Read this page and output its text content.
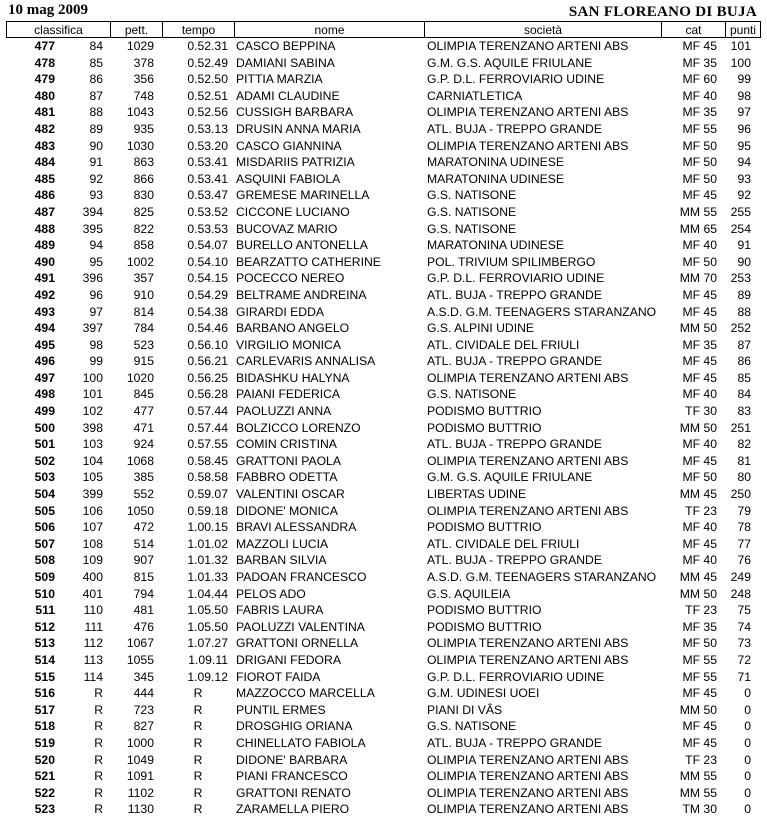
10 mag 2009	SAN FLOREANO DI BUJA
classifica		pett.	tempo	nome	società	cat	punti
477	84	1029	0.52.31	CASCO BEPPINA	OLIMPIA TERENZANO ARTENI ABS	MF 45	101
478	85	378	0.52.49	DAMIANI SABINA	G.M. G.S. AQUILE FRIULANE	MF 35	100
479	86	356	0.52.50	PITTIA MARZIA	G.P. D.L. FERROVIARIO UDINE	MF 60	99
480	87	748	0.52.51	ADAMI CLAUDINE	CARNIATLETICA	MF 40	98
481	88	1043	0.52.56	CUSSIGH BARBARA	OLIMPIA TERENZANO ARTENI ABS	MF 35	97
482	89	935	0.53.13	DRUSIN ANNA MARIA	ATL. BUJA - TREPPO GRANDE	MF 55	96
483	90	1030	0.53.20	CASCO GIANNINA	OLIMPIA TERENZANO ARTENI ABS	MF 50	95
484	91	863	0.53.41	MISDARIIS PATRIZIA	MARATONINA UDINESE	MF 50	94
485	92	866	0.53.41	ASQUINI FABIOLA	MARATONINA UDINESE	MF 50	93
486	93	830	0.53.47	GREMESE MARINELLA	G.S. NATISONE	MF 45	92
487	394	825	0.53.52	CICCONE LUCIANO	G.S. NATISONE	MM 55	255
488	395	822	0.53.53	BUCOVAZ MARIO	G.S. NATISONE	MM 65	254
489	94	858	0.54.07	BURELLO ANTONELLA	MARATONINA UDINESE	MF 40	91
490	95	1002	0.54.10	BEARZATTO CATHERINE	POL. TRIVIUM SPILIMBERGO	MF 50	90
491	396	357	0.54.15	POCECCO NEREO	G.P. D.L. FERROVIARIO UDINE	MM 70	253
492	96	910	0.54.29	BELTRAME ANDREINA	ATL. BUJA - TREPPO GRANDE	MF 45	89
493	97	814	0.54.38	GIRARDI EDDA	A.S.D. G.M. TEENAGERS STARANZANO	MF 45	88
494	397	784	0.54.46	BARBANO ANGELO	G.S. ALPINI UDINE	MM 50	252
495	98	523	0.56.10	VIRGILIO MONICA	ATL. CIVIDALE DEL FRIULI	MF 35	87
496	99	915	0.56.21	CARLEVARIS ANNALISA	ATL. BUJA - TREPPO GRANDE	MF 45	86
497	100	1020	0.56.25	BIDASHKU HALYNA	OLIMPIA TERENZANO ARTENI ABS	MF 45	85
498	101	845	0.56.28	PAIANI FEDERICA	G.S. NATISONE	MF 40	84
499	102	477	0.57.44	PAOLUZZI ANNA	PODISMO BUTTRIO	TF 30	83
500	398	471	0.57.44	BOLZICCO LORENZO	PODISMO BUTTRIO	MM 50	251
501	103	924	0.57.55	COMIN CRISTINA	ATL. BUJA - TREPPO GRANDE	MF 40	82
502	104	1068	0.58.45	GRATTONI PAOLA	OLIMPIA TERENZANO ARTENI ABS	MF 45	81
503	105	385	0.58.58	FABBRO ODETTA	G.M. G.S. AQUILE FRIULANE	MF 50	80
504	399	552	0.59.07	VALENTINI OSCAR	LIBERTAS UDINE	MM 45	250
505	106	1050	0.59.18	DIDONE' MONICA	OLIMPIA TERENZANO ARTENI ABS	TF 23	79
506	107	472	1.00.15	BRAVI ALESSANDRA	PODISMO BUTTRIO	MF 40	78
507	108	514	1.01.02	MAZZOLI LUCIA	ATL. CIVIDALE DEL FRIULI	MF 45	77
508	109	907	1.01.32	BARBAN SILVIA	ATL. BUJA - TREPPO GRANDE	MF 40	76
509	400	815	1.01.33	PADOAN FRANCESCO	A.S.D. G.M. TEENAGERS STARANZANO	MM 45	249
510	401	794	1.04.44	PELOS ADO	G.S. AQUILEIA	MM 50	248
511	110	481	1.05.50	FABRIS LAURA	PODISMO BUTTRIO	TF 23	75
512	111	476	1.05.50	PAOLUZZI VALENTINA	PODISMO BUTTRIO	MF 35	74
513	112	1067	1.07.27	GRATTONI ORNELLA	OLIMPIA TERENZANO ARTENI ABS	MF 50	73
514	113	1055	1.09.11	DRIGANI FEDORA	OLIMPIA TERENZANO ARTENI ABS	MF 55	72
515	114	345	1.09.12	FIOROT FAIDA	G.P. D.L. FERROVIARIO UDINE	MF 55	71
516	R	444	R	MAZZOCCO MARCELLA	G.M. UDINESI UOEI	MF 45	0
517	R	723	R	PUNTIL ERMES	PIANI DI VÂS	MM 50	0
518	R	827	R	DROSGHIG ORIANA	G.S. NATISONE	MF 45	0
519	R	1000	R	CHINELLATO FABIOLA	ATL. BUJA - TREPPO GRANDE	MF 45	0
520	R	1049	R	DIDONE' BARBARA	OLIMPIA TERENZANO ARTENI ABS	TF 23	0
521	R	1091	R	PIANI FRANCESCO	OLIMPIA TERENZANO ARTENI ABS	MM 55	0
522	R	1102	R	GRATTONI RENATO	OLIMPIA TERENZANO ARTENI ABS	MM 55	0
523	R	1130	R	ZARAMELLA PIERO	OLIMPIA TERENZANO ARTENI ABS	TM 30	0
